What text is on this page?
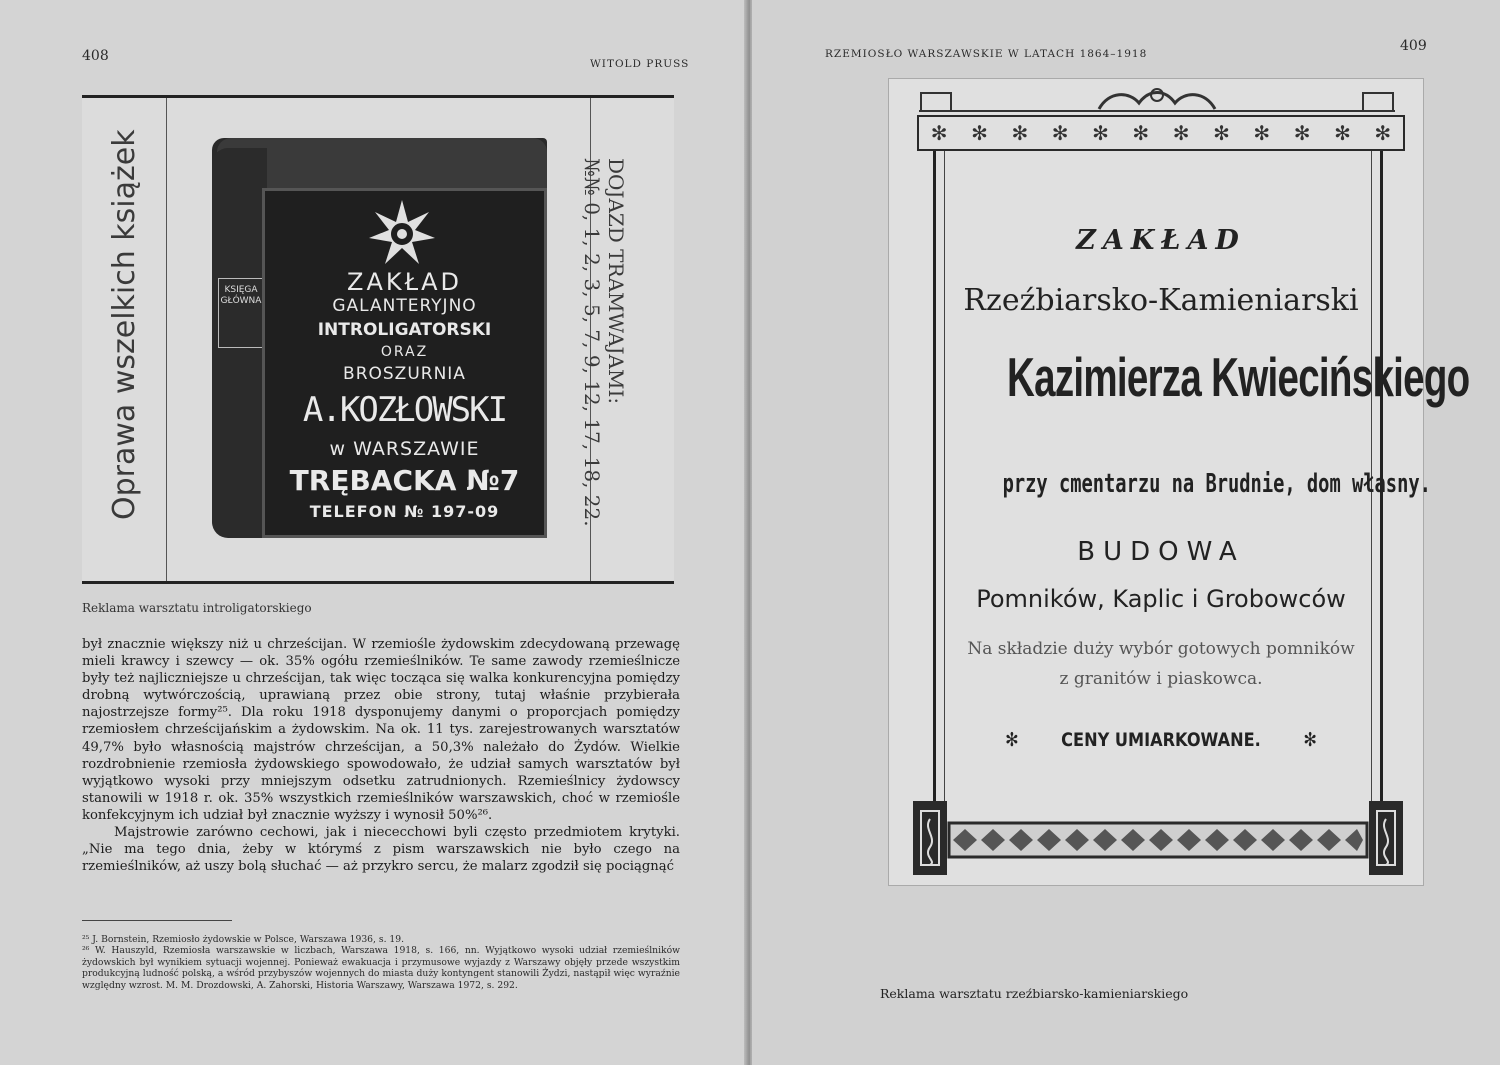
408	WITOLD PRUSS
Oprawa wszelkich książek	DOJAZD TRAMWAJAMI:
№№ 0, 1, 2, 3, 5, 7, 9, 12, 17, 18, 22.
KSIĘGA GŁÓWNA
ZAKŁAD
GALANTERYJNO
INTROLIGATORSKI
ORAZ
BROSZURNIA
A.KOZŁOWSKI
w WARSZAWIE
TRĘBACKA №7
TELEFON № 197-09
Reklama warsztatu introligatorskiego

był znacznie większy niż u chrześcijan. W rzemiośle żydowskim zdecydowaną przewagę mieli krawcy i szewcy — ok. 35% ogółu rzemieślników. Te same zawody rzemieślnicze były też najliczniejsze u chrześcijan, tak więc tocząca się walka konkurencyjna pomiędzy drobną wytwórczością, uprawianą przez obie strony, tutaj właśnie przybierała najostrzejsze formy²⁵. Dla roku 1918 dysponujemy danymi o proporcjach pomiędzy rzemiosłem chrześcijańskim a żydowskim. Na ok. 11 tys. zarejestrowanych warsztatów 49,7% było własnością majstrów chrześcijan, a 50,3% należało do Żydów. Wielkie rozdrobnienie rzemiosła żydowskiego spowodowało, że udział samych warsztatów był wyjątkowo wysoki przy mniejszym odsetku zatrudnionych. Rzemieślnicy żydowscy stanowili w 1918 r. ok. 35% wszystkich rzemieślników warszawskich, choć w rzemiośle konfekcyjnym ich udział był znacznie wyższy i wynosił 50%²⁶.

Majstrowie zarówno cechowi, jak i niececchowi byli często przedmiotem krytyki. „Nie ma tego dnia, żeby w którymś z pism warszawskich nie było czego na rzemieślników, aż uszy bolą słuchać — aż przykro sercu, że malarz zgodził się pociągnąć

²⁵ J. Bornstein, Rzemiosło żydowskie w Polsce, Warszawa 1936, s. 19.

²⁶ W. Hauszyld, Rzemiosła warszawskie w liczbach, Warszawa 1918, s. 166, nn. Wyjątkowo wysoki udział rzemieślników żydowskich był wynikiem sytuacji wojennej. Ponieważ ewakuacja i przymusowe wyjazdy z Warszawy objęły przede wszystkim produkcyjną ludność polską, a wśród przybyszów wojennych do miasta duży kontyngent stanowili Żydzi, nastąpił więc wyraźnie względny wzrost. M. M. Drozdowski, A. Zahorski, Historia Warszawy, Warszawa 1972, s. 292.

RZEMIOSŁO WARSZAWSKIE W LATACH 1864–1918	409
✻ ✻ ✻ ✻ ✻ ✻ ✻ ✻ ✻ ✻ ✻ ✻
ZAKŁAD
Rzeźbiarsko-Kamieniarski
Kazimierza Kwiecińskiego
przy cmentarzu na Brudnie, dom własny.
BUDOWA
Pomników, Kaplic i Grobowców
Na składzie duży wybór gotowych pomników
z granitów i piaskowca.
✻ CENY UMIARKOWANE. ✻
Reklama warsztatu rzeźbiarsko-kamieniarskiego
